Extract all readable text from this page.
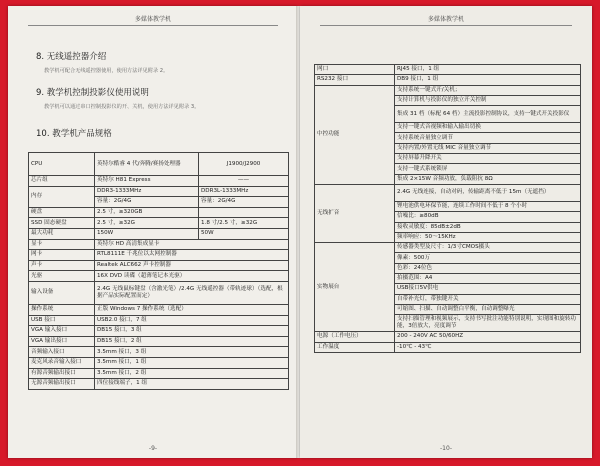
多媒体教学机
8. 无线遥控器介绍
教学机可配合无线遥控器使用，使用方法详见附录 2。
9. 教学机控制投影仪使用说明
教学机可以通过串口控制投影仪的开、关机，使用方法详见附录 3。
10. 教学机产品规格
CPU	英特尔酷睿 4 代/奔腾/赛扬处理器	J1900/J2900
芯片组	英特尔 H81 Express	——
内存	DDR3-1333MHz	DDR3L-1333MHz
	容量：2G/4G	容量：2G/4G
硬盘	2.5 寸，≥320GB	
SSD 固态硬盘	2.5 寸，≥32G	1.8 寸/2.5 寸，≥32G
最大功耗	150W	50W
显卡	英特尔 HD 高清集成显卡	
网卡	RTL8111E 千兆位以太网控制器	
声卡	Realtek ALC662 声卡控制器	
光驱	16X DVD 读碟（超薄笔记本光驱）	
输入设备	2.4G 无线鼠标键盘（含激光笔）/2.4G 无线遥控器（带轨迹球）（选配，根据产品实际配置而定）	
操作系统	正版 Windows 7 操作系统（选配）	
USB 接口	USB2.0 接口，7 组	
VGA 输入接口	DB15 接口，3 组	
VGA 输出接口	DB15 接口，2 组	
音频输入接口	3.5mm 接口，3 组	
麦克风录音输入接口	3.5mm 接口，1 组	
有源音频输出接口	3.5mm 接口，2 组	
无源音频输出接口	四位接线端子，1 组	
-9-
多媒体教学机
网口	RJ45 接口，1 组
RS232 接口	DB9 接口，1 组
中控功能	支持系统一键式开/关机；
	支持计算机与投影仪的独立开关控制
	集成 31 档（标配 64 档）主流投影控制协议，支持一键式开关投影仪
	支持一键式音视频和输入输出切换
	支持系统音量独立调节
	支持内置/外置无线 MIC 音量独立调节
	支持屏幕升降开关
	支持一键式系统锁屏
	集成 2×15W 音频功放，负载阻抗 8Ω
无线扩音	2.4G 无线连接，自动对码，传输距离不低于 15m（无遮挡）
	锂电池供电环保节能，连续工作时间不低于 8 个小时
	信噪比：≥80dB
	接收灵敏度：85dB±2dB
	频率响应：50～15KHz
实物展台	传感器类型及尺寸：1/3寸CMOS摄头
	像素：500万
	色彩：24位色
	拍摄范围：A4
	USB接口5V供电
	自带补光灯，带独键开关
	可缩图、扫描、自动调整白平衡，自动调整曝光
	支持扫描管理和视频展示，支持书写批注功能特别说明，实现图和旋转功能，3倍放大，亮度调节
电源（工作电压）	200 - 240V AC 50/60HZ
工作温度	-10℃ - 43℃
-10-
